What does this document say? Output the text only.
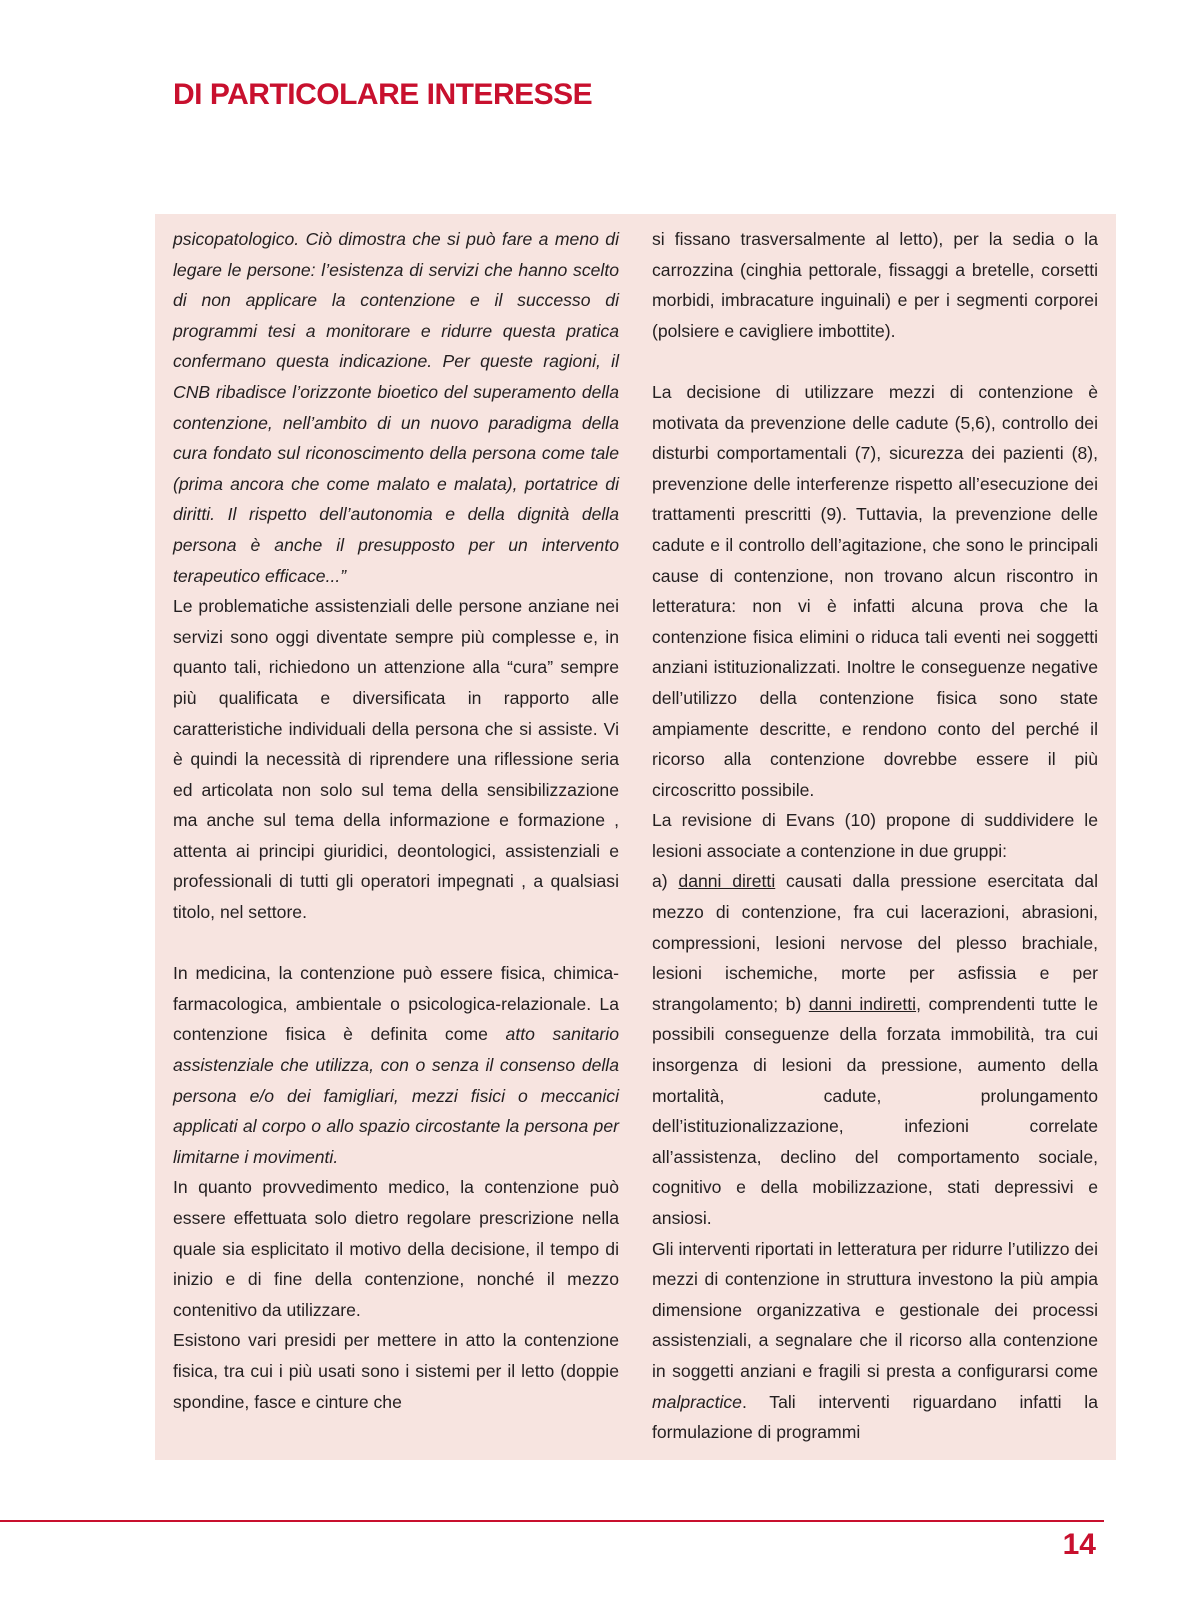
DI PARTICOLARE INTERESSE

psicopatologico. Ciò dimostra che si può fare a meno di legare le persone: l’esistenza di servizi che hanno scelto di non applicare la contenzione e il successo di programmi tesi a monitorare e ridurre questa pratica confermano questa indicazione. Per queste ragioni, il CNB ribadisce l’orizzonte bioetico del superamento della contenzione, nell’ambito di un nuovo paradigma della cura fondato sul riconoscimento della persona come tale (prima ancora che come malato e malata), portatrice di diritti. Il rispetto dell’autonomia e della dignità della persona è anche il presupposto per un intervento terapeutico efficace...”

Le problematiche assistenziali delle persone anziane nei servizi sono oggi diventate sempre più complesse e, in quanto tali, richiedono un attenzione alla “cura” sempre più qualificata e diversificata in rapporto alle caratteristiche individuali della persona che si assiste. Vi è quindi la necessità di riprendere una riflessione seria ed articolata non solo sul tema della sensibilizzazione ma anche sul tema della informazione e formazione , attenta ai principi giuridici, deontologici, assistenziali e professionali di tutti gli operatori impegnati , a qualsiasi titolo, nel settore.

In medicina, la contenzione può essere fisica, chimica-farmacologica, ambientale o psicologica-relazionale. La contenzione fisica è definita come atto sanitario assistenziale che utilizza, con o senza il consenso della persona e/o dei famigliari, mezzi fisici o meccanici applicati al corpo o allo spazio circostante la persona per limitarne i movimenti.

In quanto provvedimento medico, la contenzione può essere effettuata solo dietro regolare prescrizione nella quale sia esplicitato il motivo della decisione, il tempo di inizio e di fine della contenzione, nonché il mezzo contenitivo da utilizzare.

Esistono vari presidi per mettere in atto la contenzione fisica, tra cui i più usati sono i sistemi per il letto (doppie spondine, fasce e cinture che

si fissano trasversalmente al letto), per la sedia o la carrozzina (cinghia pettorale, fissaggi a bretelle, corsetti morbidi, imbracature inguinali) e per i segmenti corporei (polsiere e cavigliere imbottite).

La decisione di utilizzare mezzi di contenzione è motivata da prevenzione delle cadute (5,6), controllo dei disturbi comportamentali (7), sicurezza dei pazienti (8), prevenzione delle interferenze rispetto all’esecuzione dei trattamenti prescritti (9). Tuttavia, la prevenzione delle cadute e il controllo dell’agitazione, che sono le principali cause di contenzione, non trovano alcun riscontro in letteratura: non vi è infatti alcuna prova che la contenzione fisica elimini o riduca tali eventi nei soggetti anziani istituzionalizzati. Inoltre le conseguenze negative dell’utilizzo della contenzione fisica sono state ampiamente descritte, e rendono conto del perché il ricorso alla contenzione dovrebbe essere il più circoscritto possibile.

La revisione di Evans (10) propone di suddividere le lesioni associate a contenzione in due gruppi:

a) danni diretti causati dalla pressione esercitata dal mezzo di contenzione, fra cui lacerazioni, abrasioni, compressioni, lesioni nervose del plesso brachiale, lesioni ischemiche, morte per asfissia e per strangolamento; b) danni indiretti, comprendenti tutte le possibili conseguenze della forzata immobilità, tra cui insorgenza di lesioni da pressione, aumento della mortalità, cadute, prolungamento dell’istituzionalizzazione, infezioni correlate all’assistenza, declino del comportamento sociale, cognitivo e della mobilizzazione, stati depressivi e ansiosi.

Gli interventi riportati in letteratura per ridurre l’utilizzo dei mezzi di contenzione in struttura investono la più ampia dimensione organizzativa e gestionale dei processi assistenziali, a segnalare che il ricorso alla contenzione in soggetti anziani e fragili si presta a configurarsi come malpractice. Tali interventi riguardano infatti la formulazione di programmi

14
